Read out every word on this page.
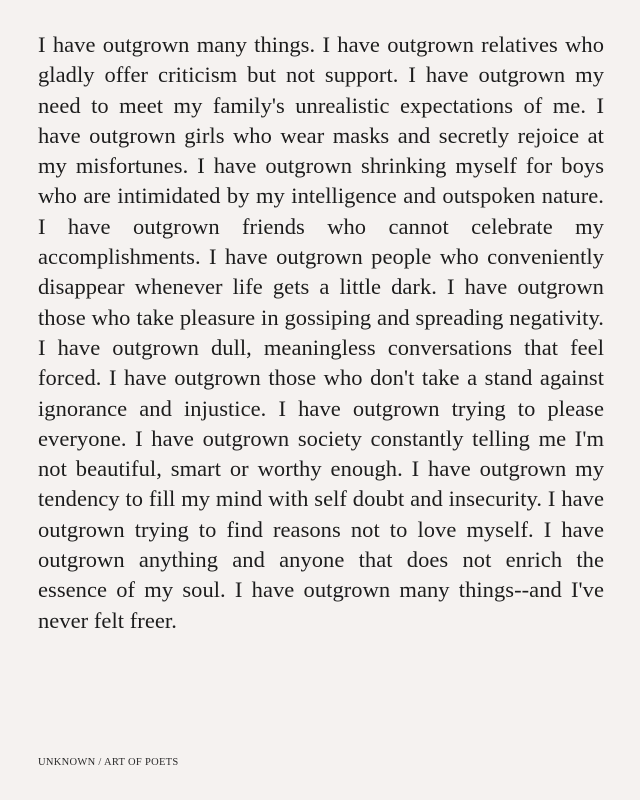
I have outgrown many things. I have outgrown relatives who gladly offer criticism but not support. I have outgrown my need to meet my family's unrealistic expectations of me. I have outgrown girls who wear masks and secretly rejoice at my misfortunes. I have outgrown shrinking myself for boys who are intimidated by my intelligence and outspoken nature. I have outgrown friends who cannot celebrate my accomplishments. I have outgrown people who conveniently disappear whenever life gets a little dark. I have outgrown those who take pleasure in gossiping and spreading negativity. I have outgrown dull, meaningless conversations that feel forced. I have outgrown those who don't take a stand against ignorance and injustice. I have outgrown trying to please everyone. I have outgrown society constantly telling me I'm not beautiful, smart or worthy enough. I have outgrown my tendency to fill my mind with self doubt and insecurity. I have outgrown trying to find reasons not to love myself. I have outgrown anything and anyone that does not enrich the essence of my soul. I have outgrown many things--and I've never felt freer.

UNKNOWN / ART OF POETS
